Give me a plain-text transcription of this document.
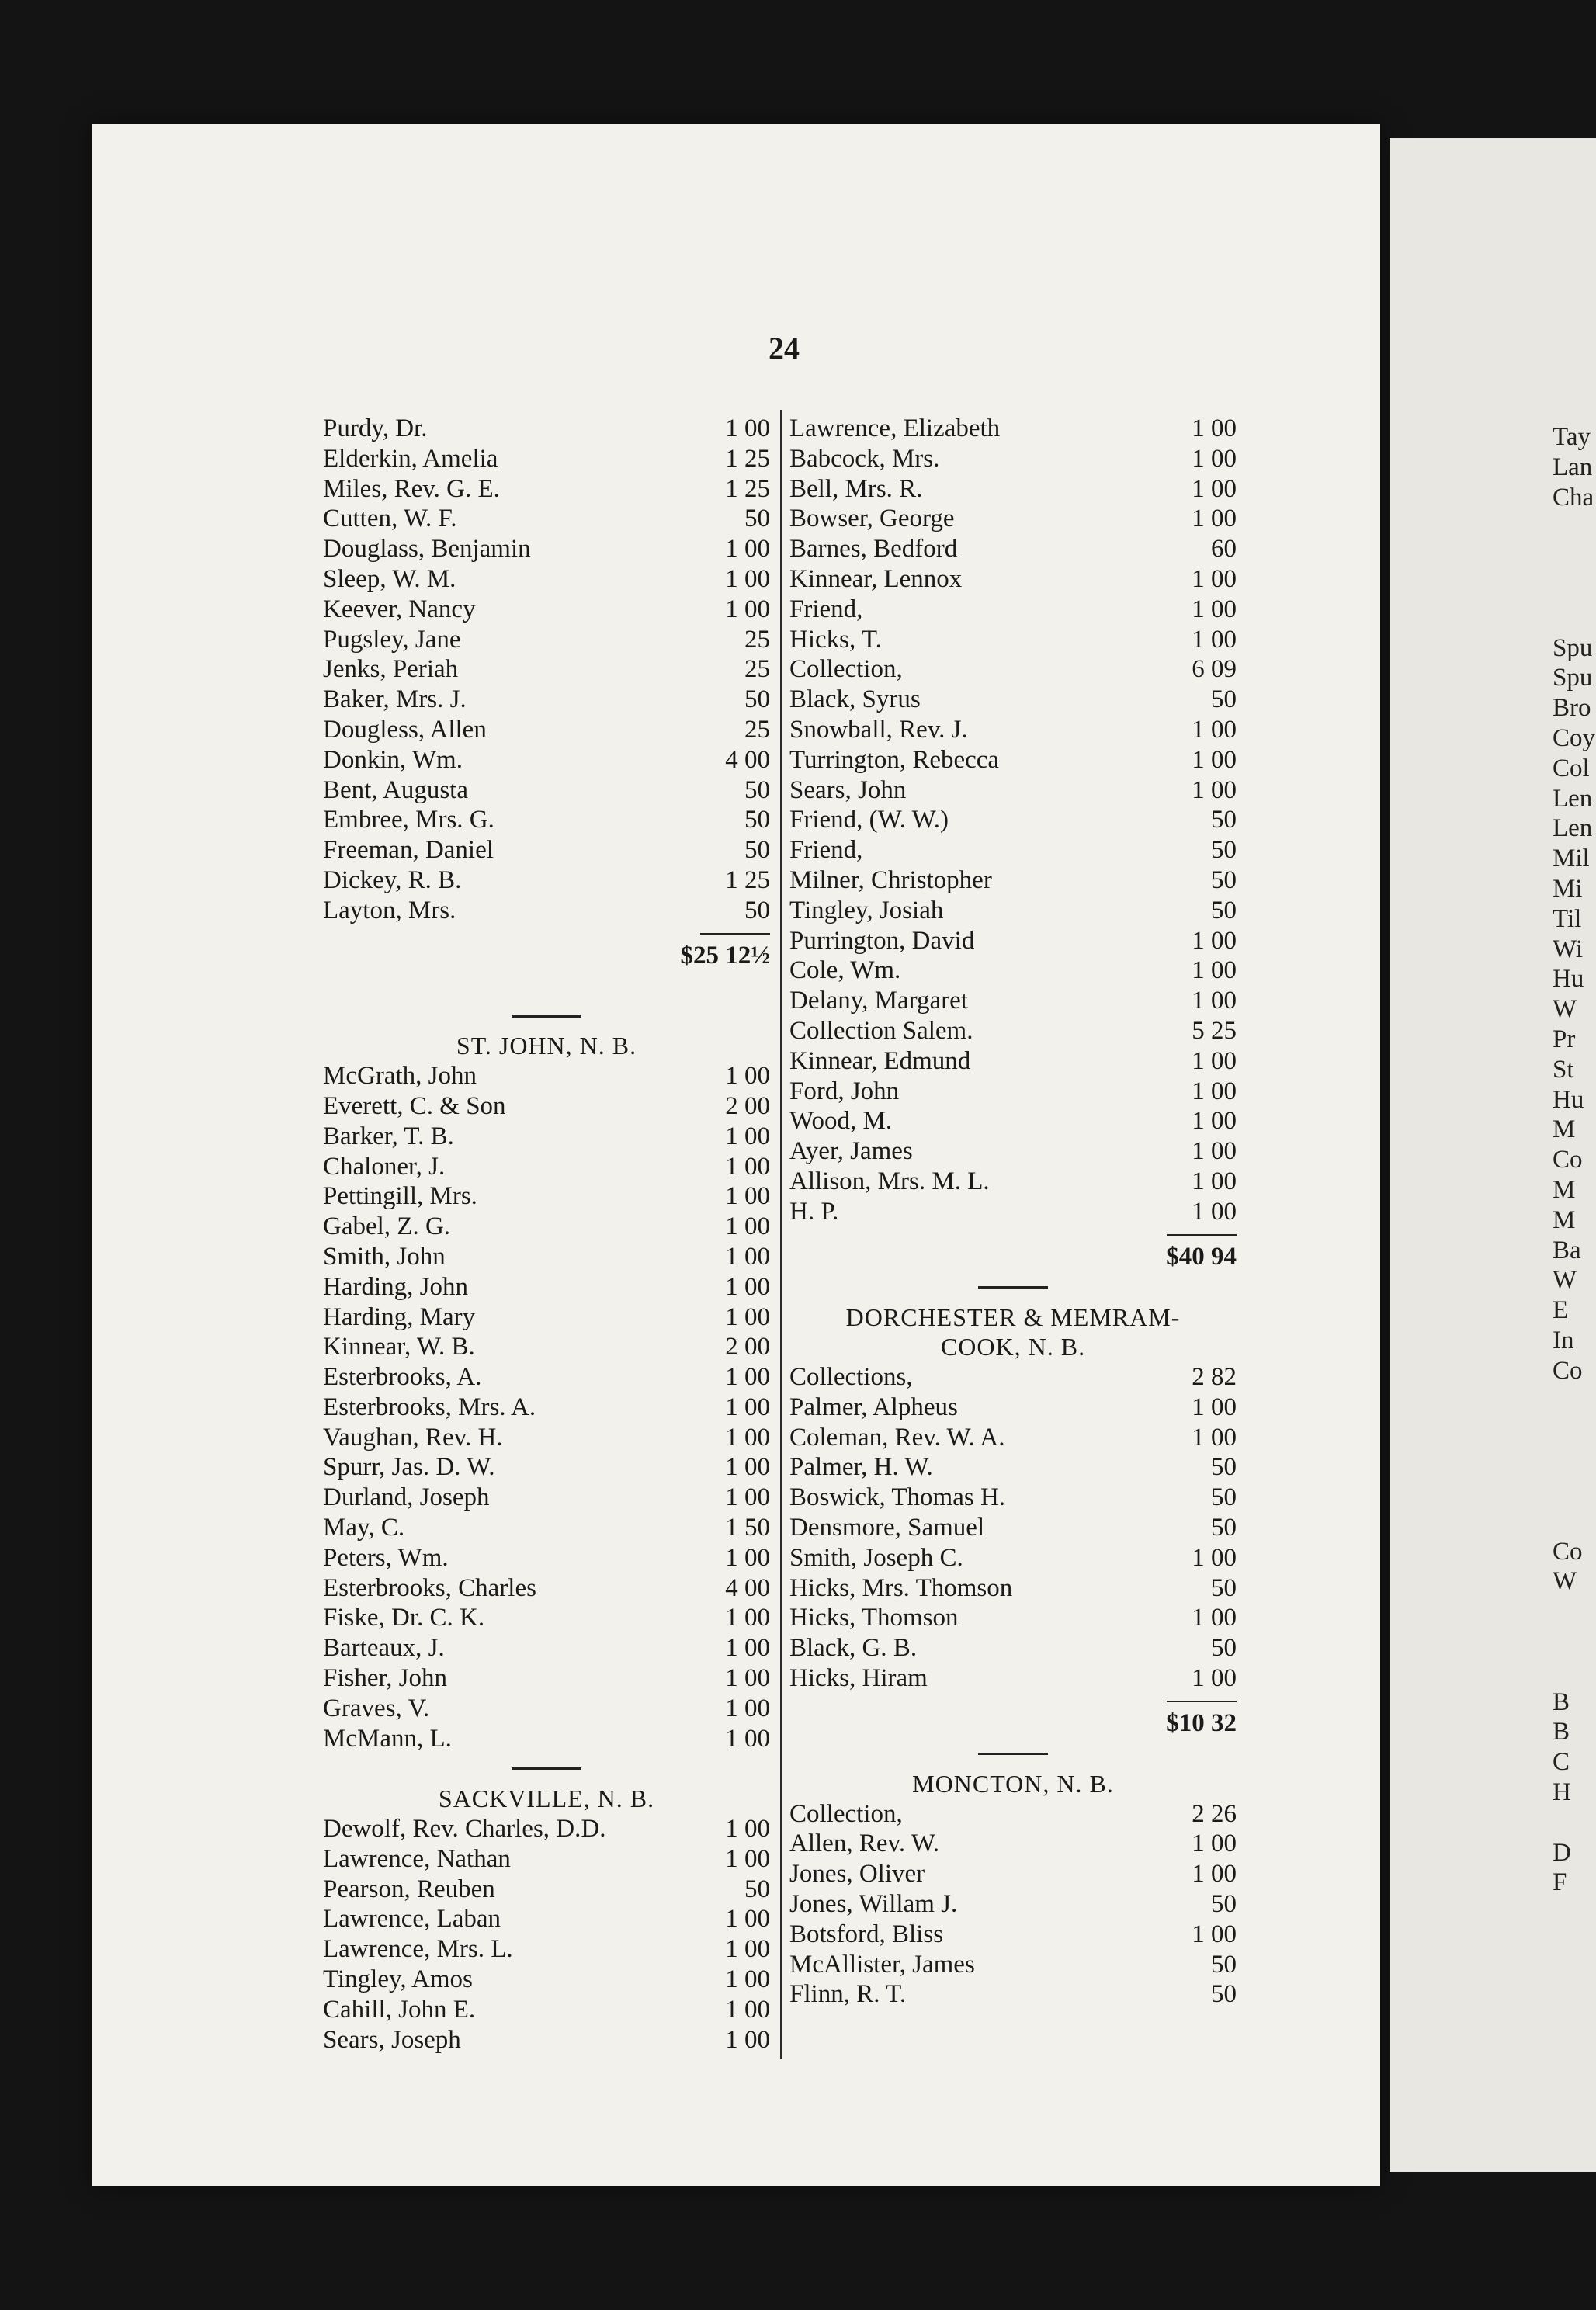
Tay
Lan
Cha
Spu
Spu
Bro
Coy
Col
Len
Len
Mil
Mi
Til
Wi
Hu
W
Pr
St
Hu
M
Co
M
M
Ba
W
E
In
Co
Co
W
B
B
C
H
D
F
24
Purdy, Dr.	1 00
Elderkin, Amelia	1 25
Miles, Rev. G. E.	1 25
Cutten, W. F.	50
Douglass, Benjamin	1 00
Sleep, W. M.	1 00
Keever, Nancy	1 00
Pugsley, Jane	25
Jenks, Periah	25
Baker, Mrs. J.	50
Dougless, Allen	25
Donkin, Wm.	4 00
Bent, Augusta	50
Embree, Mrs. G.	50
Freeman, Daniel	50
Dickey, R. B.	1 25
Layton, Mrs.	50
$25 12½
ST. JOHN, N. B.
McGrath, John	1 00
Everett, C. & Son	2 00
Barker, T. B.	1 00
Chaloner, J.	1 00
Pettingill, Mrs.	1 00
Gabel, Z. G.	1 00
Smith, John	1 00
Harding, John	1 00
Harding, Mary	1 00
Kinnear, W. B.	2 00
Esterbrooks, A.	1 00
Esterbrooks, Mrs. A.	1 00
Vaughan, Rev. H.	1 00
Spurr, Jas. D. W.	1 00
Durland, Joseph	1 00
May, C.	1 50
Peters, Wm.	1 00
Esterbrooks, Charles	4 00
Fiske, Dr. C. K.	1 00
Barteaux, J.	1 00
Fisher, John	1 00
Graves, V.	1 00
McMann, L.	1 00
SACKVILLE, N. B.
Dewolf, Rev. Charles, D.D.	1 00
Lawrence, Nathan	1 00
Pearson, Reuben	50
Lawrence, Laban	1 00
Lawrence, Mrs. L.	1 00
Tingley, Amos	1 00
Cahill, John E.	1 00
Sears, Joseph	1 00
Lawrence, Elizabeth	1 00
Babcock, Mrs.	1 00
Bell, Mrs. R.	1 00
Bowser, George	1 00
Barnes, Bedford	60
Kinnear, Lennox	1 00
Friend,	1 00
Hicks, T.	1 00
Collection,	6 09
Black, Syrus	50
Snowball, Rev. J.	1 00
Turrington, Rebecca	1 00
Sears, John	1 00
Friend, (W. W.)	50
Friend,	50
Milner, Christopher	50
Tingley, Josiah	50
Purrington, David	1 00
Cole, Wm.	1 00
Delany, Margaret	1 00
Collection Salem.	5 25
Kinnear, Edmund	1 00
Ford, John	1 00
Wood, M.	1 00
Ayer, James	1 00
Allison, Mrs. M. L.	1 00
H. P.	1 00
$40 94
DORCHESTER & MEMRAM-
COOK, N. B.
Collections,	2 82
Palmer, Alpheus	1 00
Coleman, Rev. W. A.	1 00
Palmer, H. W.	50
Boswick, Thomas H.	50
Densmore, Samuel	50
Smith, Joseph C.	1 00
Hicks, Mrs. Thomson	50
Hicks, Thomson	1 00
Black, G. B.	50
Hicks, Hiram	1 00
$10 32
MONCTON, N. B.
Collection,	2 26
Allen, Rev. W.	1 00
Jones, Oliver	1 00
Jones, Willam J.	50
Botsford, Bliss	1 00
McAllister, James	50
Flinn, R. T.	50
